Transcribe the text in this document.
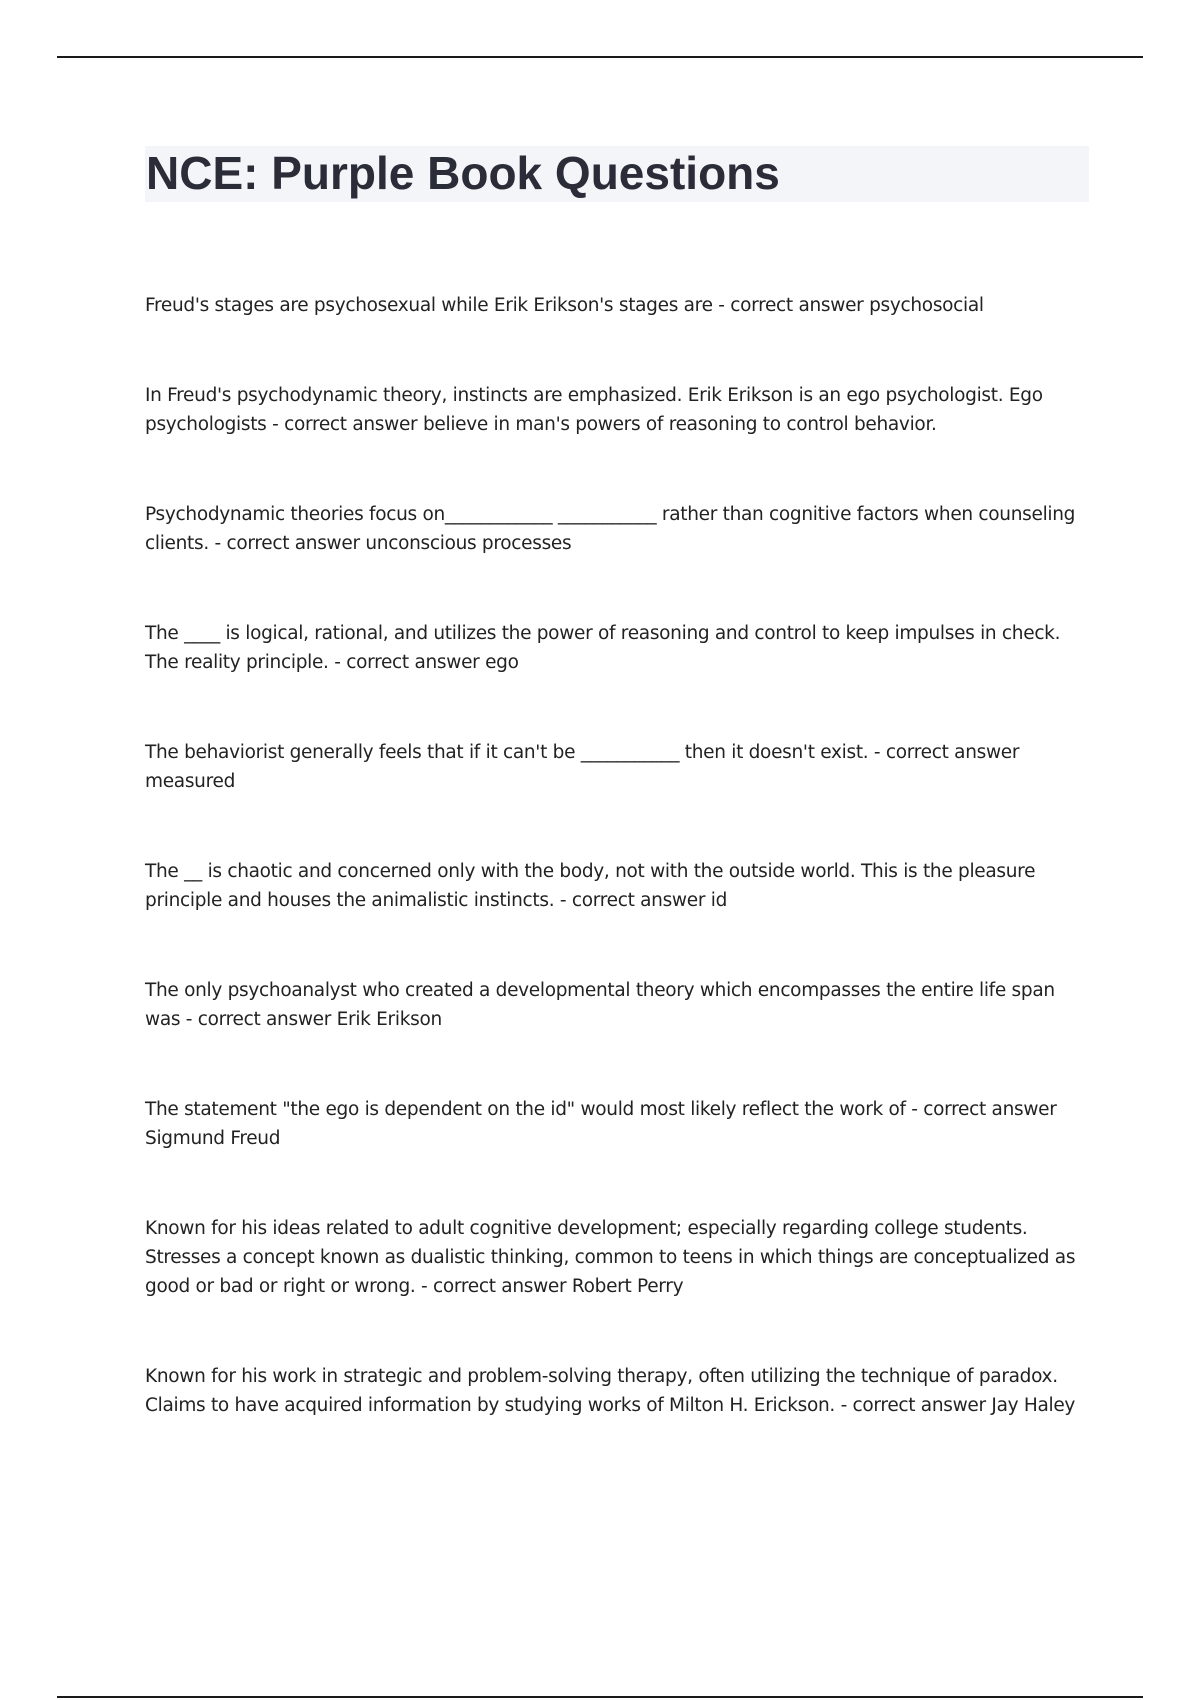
NCE: Purple Book Questions

Freud's stages are psychosexual while Erik Erikson's stages are - correct answer psychosocial

In Freud's psychodynamic theory, instincts are emphasized. Erik Erikson is an ego psychologist. Ego psychologists - correct answer believe in man's powers of reasoning to control behavior.

Psychodynamic theories focus on____________ ___________ rather than cognitive factors when counseling clients. - correct answer unconscious processes

The ____ is logical, rational, and utilizes the power of reasoning and control to keep impulses in check. The reality principle. - correct answer ego

The behaviorist generally feels that if it can't be ___________ then it doesn't exist. - correct answer measured

The __ is chaotic and concerned only with the body, not with the outside world. This is the pleasure principle and houses the animalistic instincts. - correct answer id

The only psychoanalyst who created a developmental theory which encompasses the entire life span was - correct answer Erik Erikson

The statement "the ego is dependent on the id" would most likely reflect the work of - correct answer Sigmund Freud

Known for his ideas related to adult cognitive development; especially regarding college students. Stresses a concept known as dualistic thinking, common to teens in which things are conceptualized as good or bad or right or wrong. - correct answer Robert Perry

Known for his work in strategic and problem-solving therapy, often utilizing the technique of paradox. Claims to have acquired information by studying works of Milton H. Erickson. - correct answer Jay Haley
